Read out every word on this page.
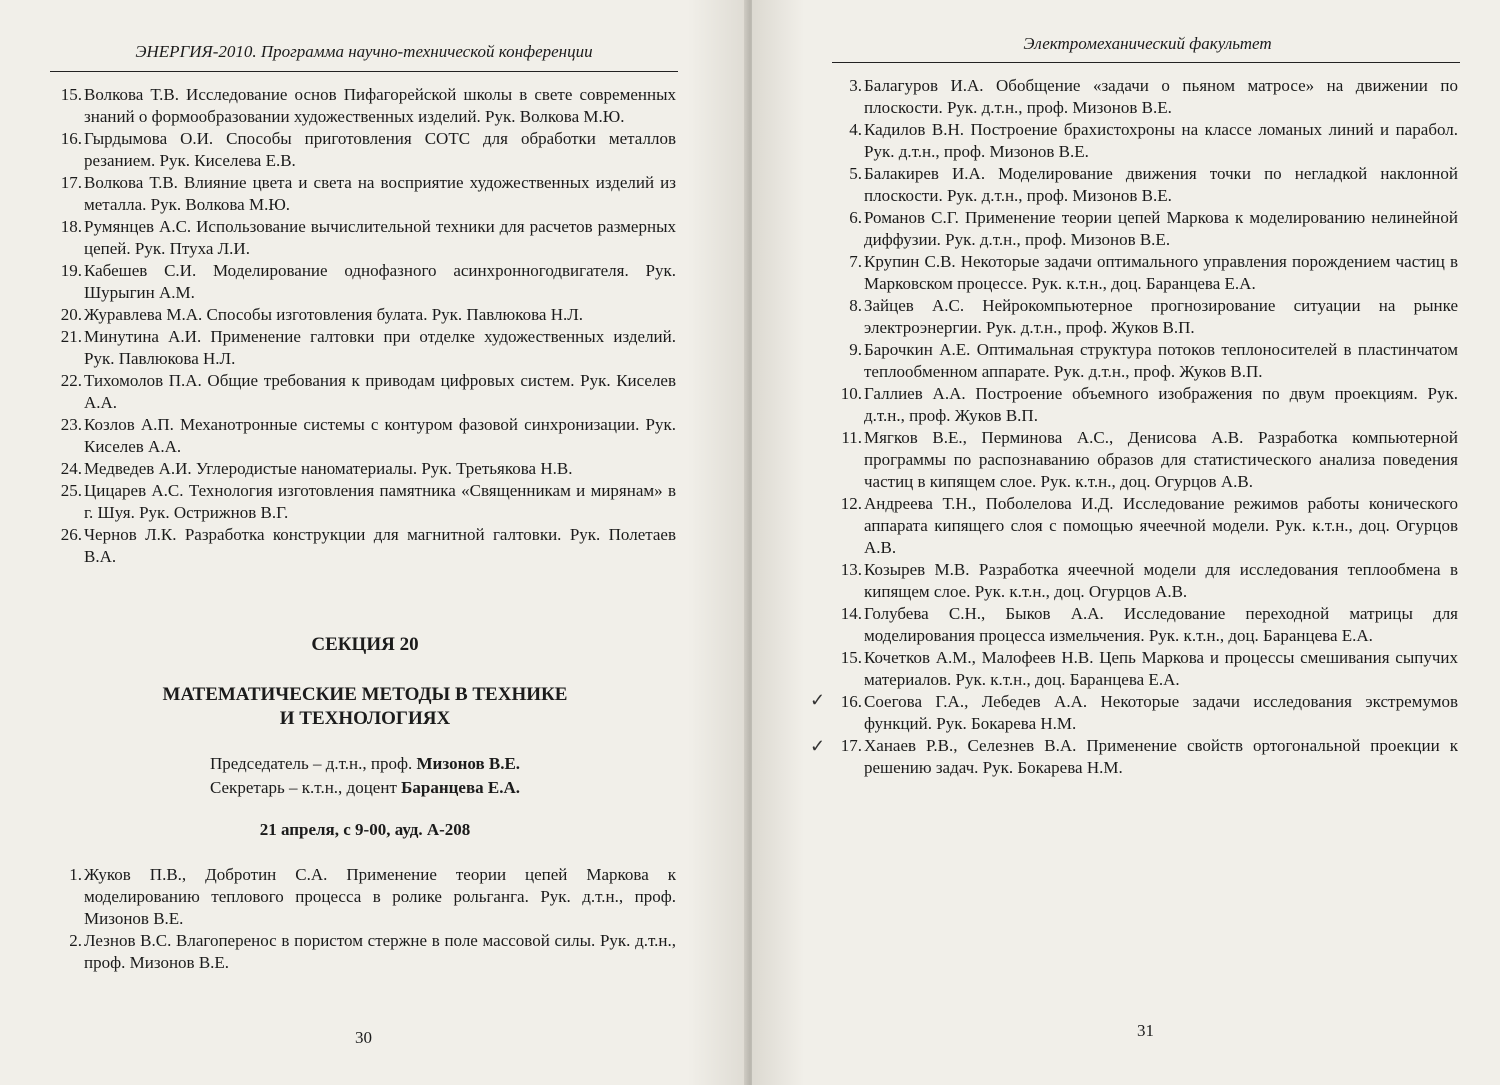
ЭНЕРГИЯ-2010. Программа научно-технической конференции
15. Волкова Т.В. Исследование основ Пифагорейской школы в свете современных знаний о формообразовании художественных изделий. Рук. Волкова М.Ю.
16. Гырдымова О.И. Способы приготовления СОТС для обработки металлов резанием. Рук. Киселева Е.В.
17. Волкова Т.В. Влияние цвета и света на восприятие художественных изделий из металла. Рук. Волкова М.Ю.
18. Румянцев А.С. Использование вычислительной техники для расчетов размерных цепей. Рук. Птуха Л.И.
19. Кабешев С.И. Моделирование однофазного асинхронногодвигателя. Рук. Шурыгин А.М.
20. Журавлева М.А. Способы изготовления булата. Рук. Павлюкова Н.Л.
21. Минутина А.И. Применение галтовки при отделке художественных изделий. Рук. Павлюкова Н.Л.
22. Тихомолов П.А. Общие требования к приводам цифровых систем. Рук. Киселев А.А.
23. Козлов А.П. Механотронные системы с контуром фазовой синхронизации. Рук. Киселев А.А.
24. Медведев А.И. Углеродистые наноматериалы. Рук. Третьякова Н.В.
25. Цицарев А.С. Технология изготовления памятника «Священникам и мирянам» в г. Шуя. Рук. Острижнов В.Г.
26. Чернов Л.К. Разработка конструкции для магнитной галтовки. Рук. Полетаев В.А.
СЕКЦИЯ 20
МАТЕМАТИЧЕСКИЕ МЕТОДЫ В ТЕХНИКЕ
И ТЕХНОЛОГИЯХ
Председатель – д.т.н., проф. Мизонов В.Е.
Секретарь – к.т.н., доцент Баранцева Е.А.
21 апреля, с 9-00, ауд. А-208
1. Жуков П.В., Добротин С.А. Применение теории цепей Маркова к моделированию теплового процесса в ролике рольганга. Рук. д.т.н., проф. Мизонов В.Е.
2. Лезнов В.С. Влагоперенос в пористом стержне в поле массовой силы. Рук. д.т.н., проф. Мизонов В.Е.
30
Электромеханический факультет
3. Балагуров И.А. Обобщение «задачи о пьяном матросе» на движении по плоскости. Рук. д.т.н., проф. Мизонов В.Е.
4. Кадилов В.Н. Построение брахистохроны на классе ломаных линий и парабол. Рук. д.т.н., проф. Мизонов В.Е.
5. Балакирев И.А. Моделирование движения точки по негладкой наклонной плоскости. Рук. д.т.н., проф. Мизонов В.Е.
6. Романов С.Г. Применение теории цепей Маркова к моделированию нелинейной диффузии. Рук. д.т.н., проф. Мизонов В.Е.
7. Крупин С.В. Некоторые задачи оптимального управления порождением частиц в Марковском процессе. Рук. к.т.н., доц. Баранцева Е.А.
8. Зайцев А.С. Нейрокомпьютерное прогнозирование ситуации на рынке электроэнергии. Рук. д.т.н., проф. Жуков В.П.
9. Барочкин А.Е. Оптимальная структура потоков теплоносителей в пластинчатом теплообменном аппарате. Рук. д.т.н., проф. Жуков В.П.
10. Галлиев А.А. Построение объемного изображения по двум проекциям. Рук. д.т.н., проф. Жуков В.П.
11. Мягков В.Е., Перминова А.С., Денисова А.В. Разработка компьютерной программы по распознаванию образов для статистического анализа поведения частиц в кипящем слое. Рук. к.т.н., доц. Огурцов А.В.
12. Андреева Т.Н., Поболелова И.Д. Исследование режимов работы конического аппарата кипящего слоя с помощью ячеечной модели. Рук. к.т.н., доц. Огурцов А.В.
13. Козырев М.В. Разработка ячеечной модели для исследования теплообмена в кипящем слое. Рук. к.т.н., доц. Огурцов А.В.
14. Голубева С.Н., Быков А.А. Исследование переходной матрицы для моделирования процесса измельчения. Рук. к.т.н., доц. Баранцева Е.А.
15. Кочетков А.М., Малофеев Н.В. Цепь Маркова и процессы смешивания сыпучих материалов. Рук. к.т.н., доц. Баранцева Е.А.
16. Соегова Г.А., Лебедев А.А. Некоторые задачи исследования экстремумов функций. Рук. Бокарева Н.М.
17. Ханаев Р.В., Селезнев В.А. Применение свойств ортогональной проекции к решению задач. Рук. Бокарева Н.М.
✓
✓
31
